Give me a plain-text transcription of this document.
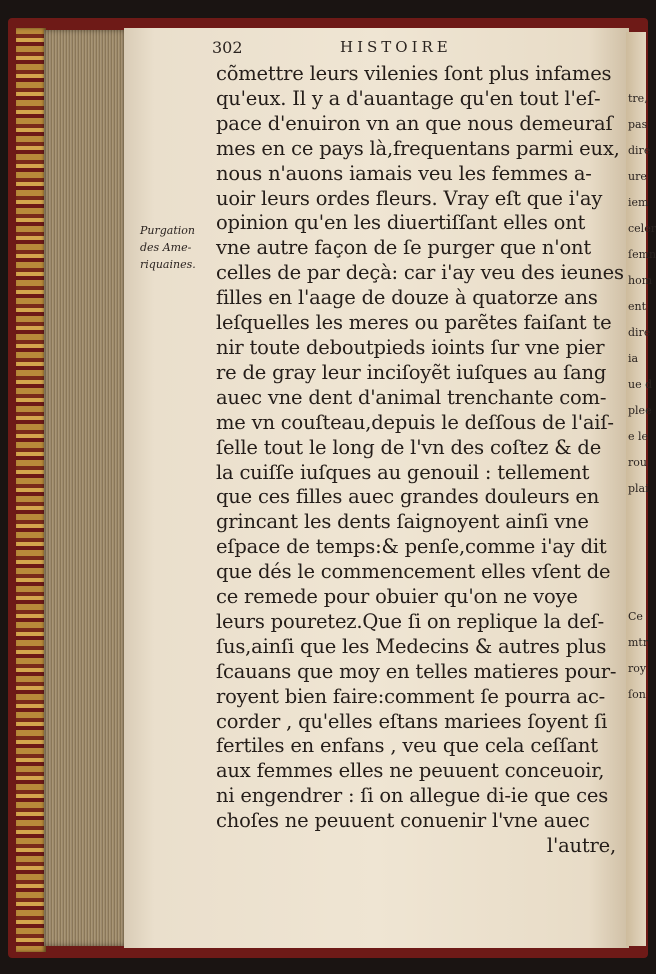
tre,
pas
dire
ure
iem
celer
ſemn
hom
ent
dire
ia
ue d
plee
e le
rou
plai
Ce
mtr
roy
ſon
302	HISTOIRE
Purgation
des Ame-
riquaines.
cõmettre leurs vilenies ſont plus infames
qu'eux. Il y a d'auantage qu'en tout l'eſ-
pace d'enuiron vn an que nous demeuraſ
mes en ce pays là,frequentans parmi eux,
nous n'auons iamais veu les femmes a-
uoir leurs ordes fleurs. Vray eſt que i'ay
opinion qu'en les diuertiſſant elles ont
vne autre façon de ſe purger que n'ont
celles de par deçà: car i'ay veu des ieunes
filles en l'aage de douze à quatorze ans
leſquelles les meres ou parẽtes faiſant te
nir toute deboutpieds ioints ſur vne pier
re de gray leur inciſoyẽt iuſques au ſang
auec vne dent d'animal trenchante com-
me vn couſteau,depuis le deſſous de l'aiſ-
ſelle tout le long de l'vn des coſtez & de
la cuiſſe iuſques au genouil : tellement
que ces filles auec grandes douleurs en
grincant les dents ſaignoyent ainſi vne
eſpace de temps:& penſe,comme i'ay dit
que dés le commencement elles vſent de
ce remede pour obuier qu'on ne voye
leurs pouretez.Que ſi on replique la deſ-
ſus,ainſi que les Medecins & autres plus
ſcauans que moy en telles matieres pour-
royent bien faire:comment ſe pourra ac-
corder , qu'elles eſtans mariees ſoyent ſi
fertiles en enfans , veu que cela ceſſant
aux femmes elles ne peuuent conceuoir,
ni engendrer : ſi on allegue di-ie que ces
choſes ne peuuent conuenir l'vne auec
l'autre,
